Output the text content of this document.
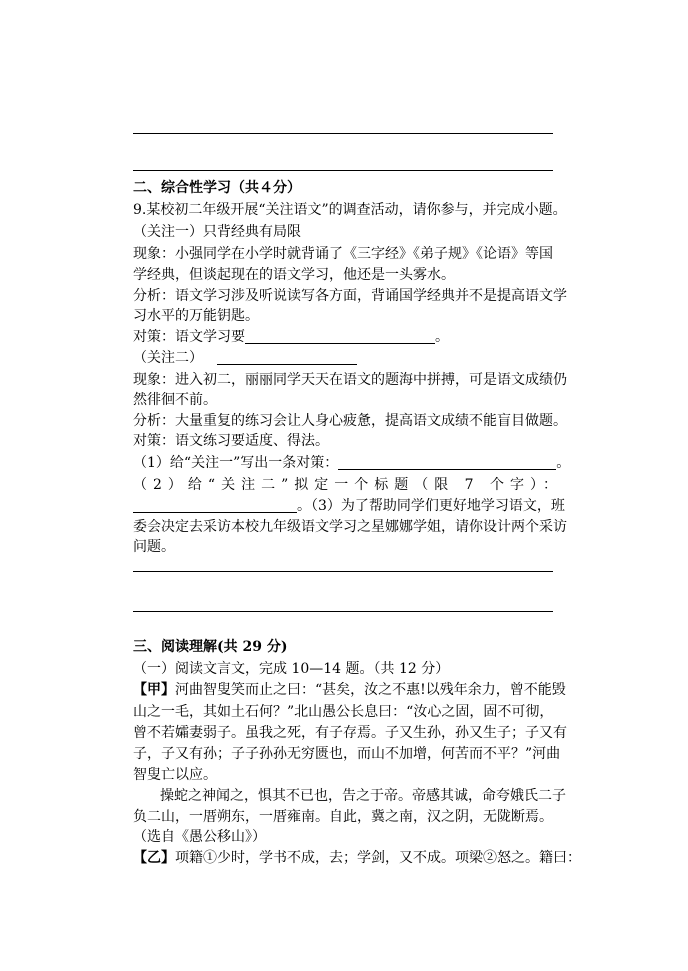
二、综合性学习（共４分）
9.某校初二年级开展“关注语文”的调查活动，请你参与，并完成小题。
（关注一）只背经典有局限
现象：小强同学在小学时就背诵了《三字经》《弟子规》《论语》等国
学经典，但谈起现在的语文学习，他还是一头雾水。
分析：语文学习涉及听说读写各方面，背诵国学经典并不是提高语文学
习水平的万能钥匙。
对策：语文学习要	。
（关注二）
现象：进入初二，丽丽同学天天在语文的题海中拼搏，可是语文成绩仍
然徘徊不前。
分析：大量重复的练习会让人身心疲惫，提高语文成绩不能盲目做题。
对策：语文练习要适度、得法。
（1）给“关注一”写出一条对策：	。
（2）给“关注二”拟定一个标题（限 7 个字）：
。（3）为了帮助同学们更好地学习语文，班
委会决定去采访本校九年级语文学习之星娜娜学姐，请你设计两个采访
问题。
三、阅读理解(共 29 分)
（一）阅读文言文，完成 10—14 题。（共 12 分）
【甲】河曲智叟笑而止之曰：“甚矣，汝之不惠!以残年余力，曾不能毁
山之一毛，其如土石何？”北山愚公长息曰：“汝心之固，固不可彻，
曾不若孀妻弱子。虽我之死，有子存焉。子又生孙，孙又生子；子又有
子，子又有孙；子子孙孙无穷匮也，而山不加增，何苦而不平？”河曲
智叟亡以应。
操蛇之神闻之，惧其不已也，告之于帝。帝感其诚，命夸娥氏二子
负二山，一厝朔东，一厝雍南。自此，冀之南，汉之阴，无陇断焉。
（选自《愚公移山》）
【乙】项籍①少时，学书不成，去；学剑，又不成。项梁②怒之。籍曰：
